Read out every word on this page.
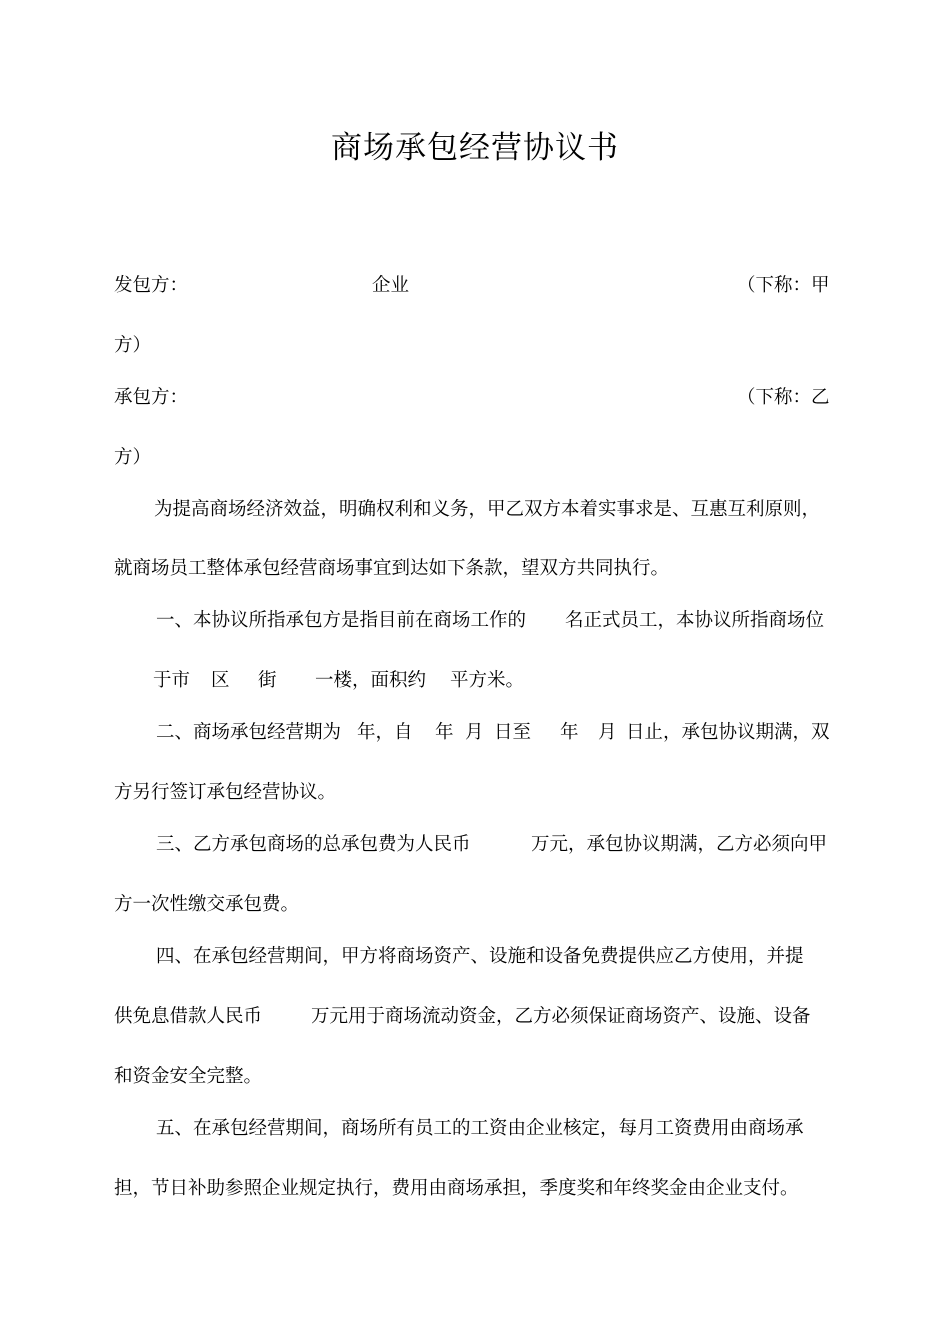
商场承包经营协议书
发包方：	企业	（下称：甲
方）
承包方：	（下称：乙
方）
为提高商场经济效益，明确权利和义务，甲乙双方本着实事求是、互惠互利原则，
就商场员工整体承包经营商场事宜到达如下条款，望双方共同执行。
一、本协议所指承包方是指目前在商场工作的 名正式员工，本协议所指商场位
于市 区 街 一楼，面积约 平方米。
二、商场承包经营期为 年，自 年 月 日至 年 月 日止，承包协议期满，双
方另行签订承包经营协议。
三、乙方承包商场的总承包费为人民币	万元，承包协议期满，乙方必须向甲
方一次性缴交承包费。
四、在承包经营期间，甲方将商场资产、设施和设备免费提供应乙方使用，并提
供免息借款人民币	万元用于商场流动资金，乙方必须保证商场资产、设施、设备
和资金安全完整。
五、在承包经营期间，商场所有员工的工资由企业核定，每月工资费用由商场承
担，节日补助参照企业规定执行，费用由商场承担，季度奖和年终奖金由企业支付。
